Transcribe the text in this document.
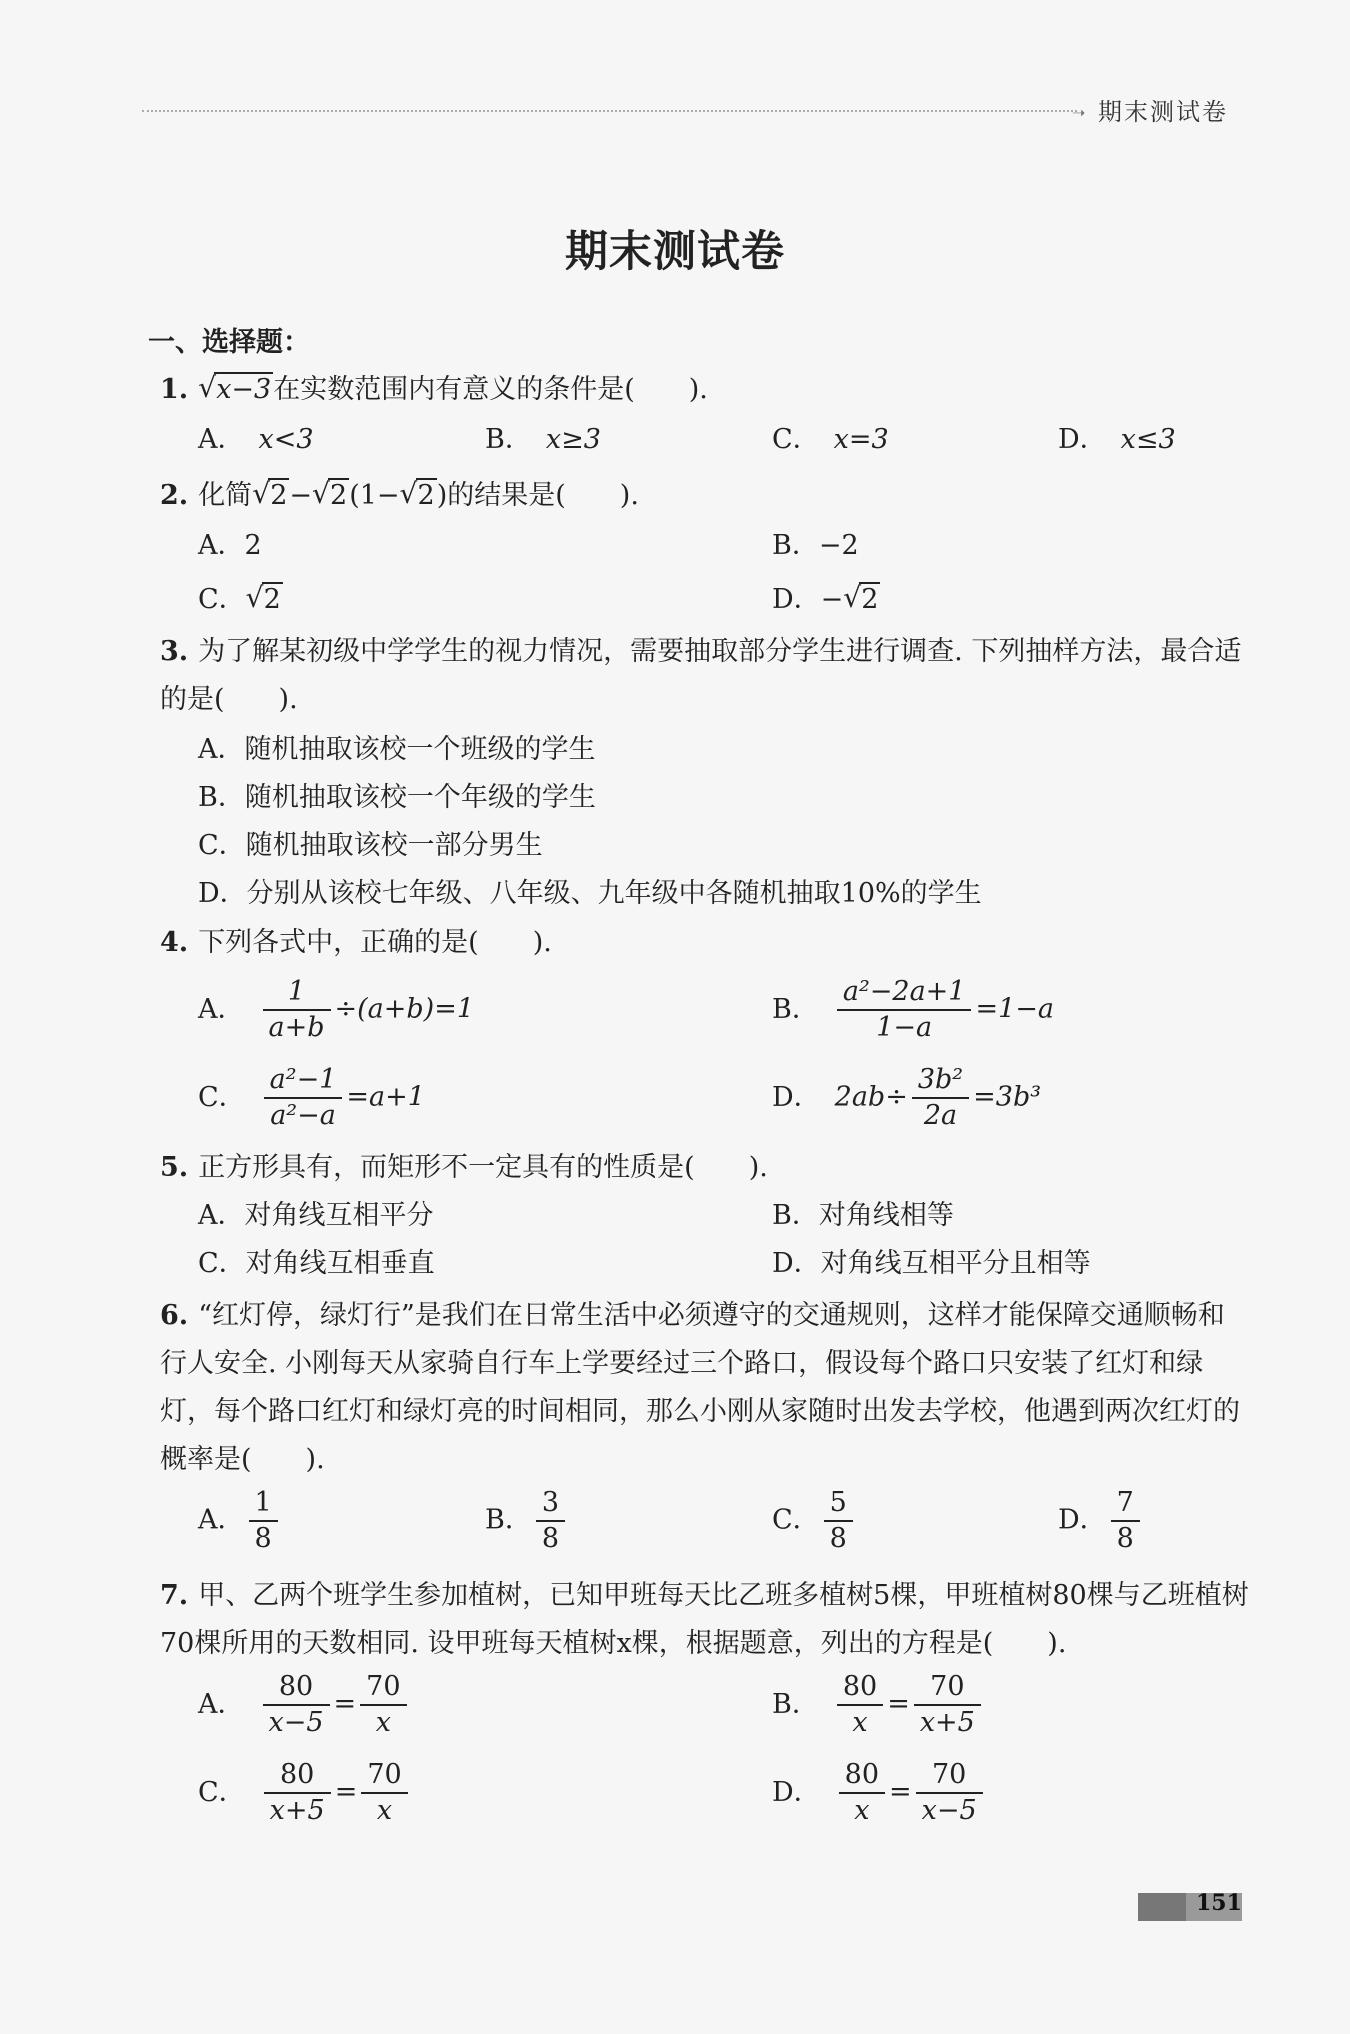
➝ 期末测试卷
期末测试卷
一、选择题：
1. √ x−3在实数范围内有意义的条件是(　　).
A． x<3	B． x≥3	C． x=3	D． x≤3
2. 化简 √ 2− √ 2(1− √ 2)的结果是(　　).
A．2	B．−2
C． √ 2	D．− √ 2
3. 为了解某初级中学学生的视力情况，需要抽取部分学生进行调查. 下列抽样方法，最合适的是(　　).
A．随机抽取该校一个班级的学生
B．随机抽取该校一个年级的学生
C．随机抽取该校一部分男生
D．分别从该校七年级、八年级、九年级中各随机抽取10%的学生
4. 下列各式中，正确的是(　　).
A． $\frac{1}{a+b} \div(a+b)=1$	B． $\frac{\text{a²−2a+1}}{1-a} =1-a$
C． $\frac{\text{a²−1}}{\text{a²−a}} =a+1$	D． $2ab\div \frac{\text{3b²}}{2a} =3b^3$
5. 正方形具有，而矩形不一定具有的性质是(　　).
A．对角线互相平分	B．对角线相等
C．对角线互相垂直	D．对角线互相平分且相等
6. “红灯停，绿灯行”是我们在日常生活中必须遵守的交通规则，这样才能保障交通顺畅和行人安全. 小刚每天从家骑自行车上学要经过三个路口，假设每个路口只安装了红灯和绿灯，每个路口红灯和绿灯亮的时间相同，那么小刚从家随时出发去学校，他遇到两次红灯的概率是(　　).
A． $\frac{1}{8}$	B． $\frac{3}{8}$	C． $\frac{5}{8}$	D． $\frac{7}{8}$
7. 甲、乙两个班学生参加植树，已知甲班每天比乙班多植树5棵，甲班植树80棵与乙班植树70棵所用的天数相同. 设甲班每天植树x棵，根据题意，列出的方程是(　　).
A． $\frac{80}{x-5} = \frac{70}{x}$	B． $\frac{80}{x} = \frac{70}{x+5}$
C． $\frac{80}{x+5} = \frac{70}{x}$	D． $\frac{80}{x} = \frac{70}{x-5}$
151
